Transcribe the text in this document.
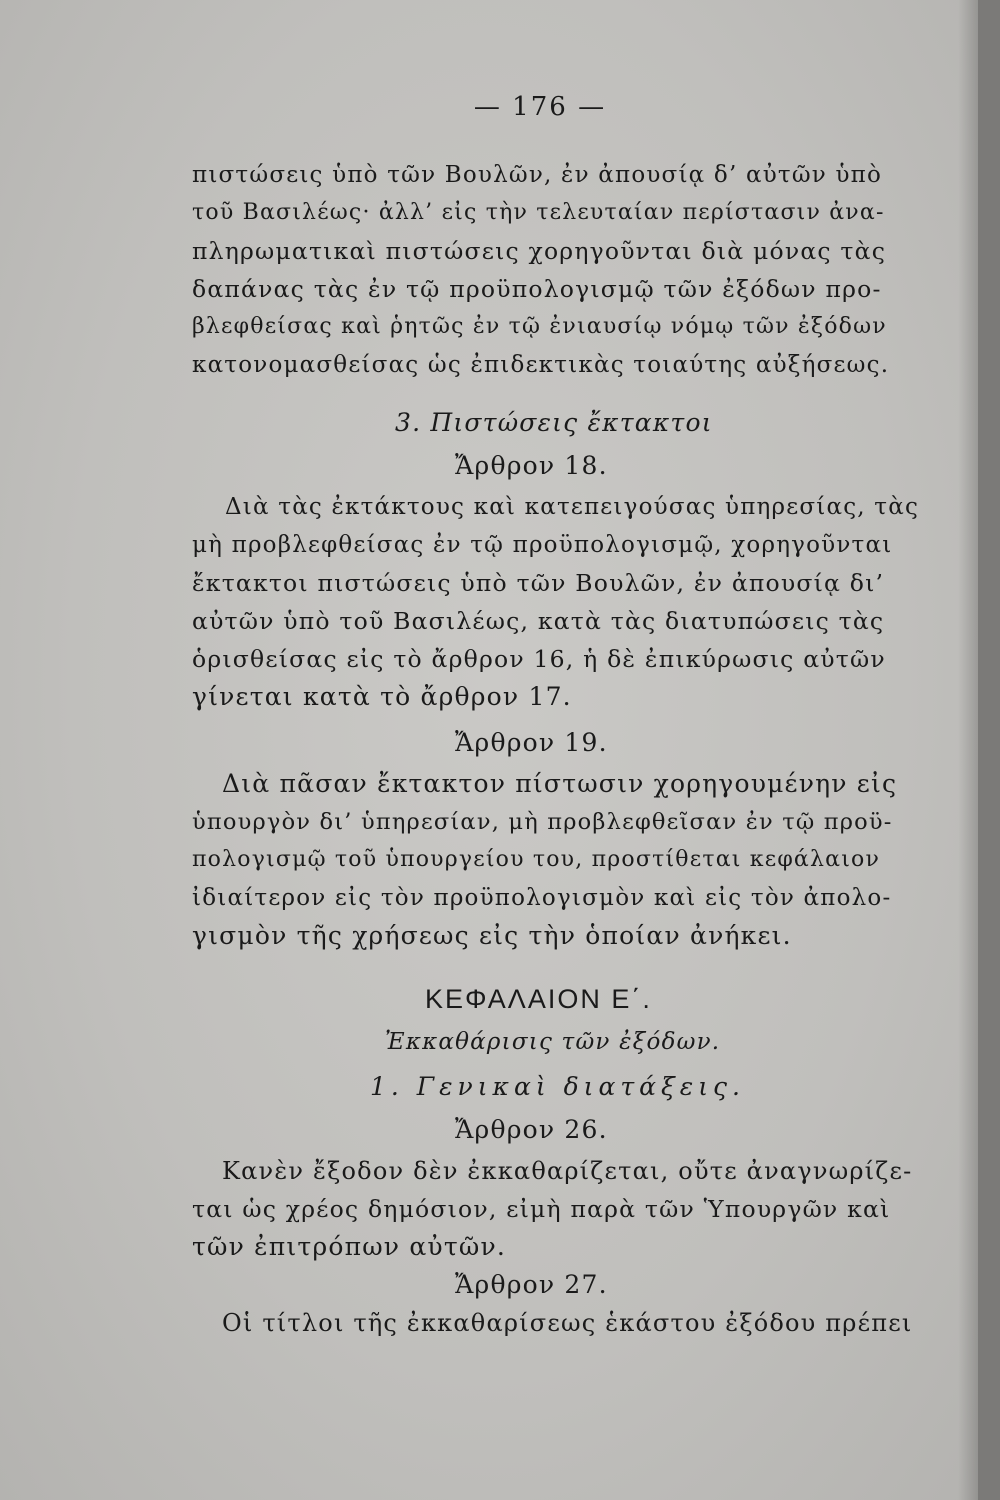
— 176 —
πιστώσεις ὑπὸ τῶν Βουλῶν, ἐν ἀπουσίᾳ δ’ αὐτῶν ὑπὸ
τοῦ Βασιλέως· ἀλλ’ εἰς τὴν τελευταίαν περίστασιν ἀνα-
πληρωματικαὶ πιστώσεις χορηγοῦνται διὰ μόνας τὰς
δαπάνας τὰς ἐν τῷ προϋπολογισμῷ τῶν ἐξόδων προ-
βλεφθείσας καὶ ῥητῶς ἐν τῷ ἐνιαυσίῳ νόμῳ τῶν ἐξόδων
κατονομασθείσας ὡς ἐπιδεκτικὰς τοιαύτης αὐξήσεως.
3. Πιστώσεις ἔκτακτοι
Ἄρθρον 18.
Διὰ τὰς ἐκτάκτους καὶ κατεπειγούσας ὑπηρεσίας, τὰς
μὴ προβλεφθείσας ἐν τῷ προϋπολογισμῷ, χορηγοῦνται
ἔκτακτοι πιστώσεις ὑπὸ τῶν Βουλῶν, ἐν ἀπουσίᾳ δι’
αὐτῶν ὑπὸ τοῦ Βασιλέως, κατὰ τὰς διατυπώσεις τὰς
ὁρισθείσας εἰς τὸ ἄρθρον 16, ἡ δὲ ἐπικύρωσις αὐτῶν
γίνεται κατὰ τὸ ἄρθρον 17.
Ἄρθρον 19.
Διὰ πᾶσαν ἔκτακτον πίστωσιν χορηγουμένην εἰς
ὑπουργὸν δι’ ὑπηρεσίαν, μὴ προβλεφθεῖσαν ἐν τῷ προϋ-
πολογισμῷ τοῦ ὑπουργείου του, προστίθεται κεφάλαιον
ἰδιαίτερον εἰς τὸν προϋπολογισμὸν καὶ εἰς τὸν ἀπολο-
γισμὸν τῆς χρήσεως εἰς τὴν ὁποίαν ἀνήκει.
ΚΕΦΑΛΑΙΟΝ Ε΄.
Ἐκκαθάρισις τῶν ἐξόδων.
1. Γενικαὶ διατάξεις.
Ἄρθρον 26.
Κανὲν ἔξοδον δὲν ἐκκαθαρίζεται, οὔτε ἀναγνωρίζε-
ται ὡς χρέος δημόσιον, εἰμὴ παρὰ τῶν Ὑπουργῶν καὶ
τῶν ἐπιτρόπων αὐτῶν.
Ἄρθρον 27.
Οἱ τίτλοι τῆς ἐκκαθαρίσεως ἑκάστου ἐξόδου πρέπει
